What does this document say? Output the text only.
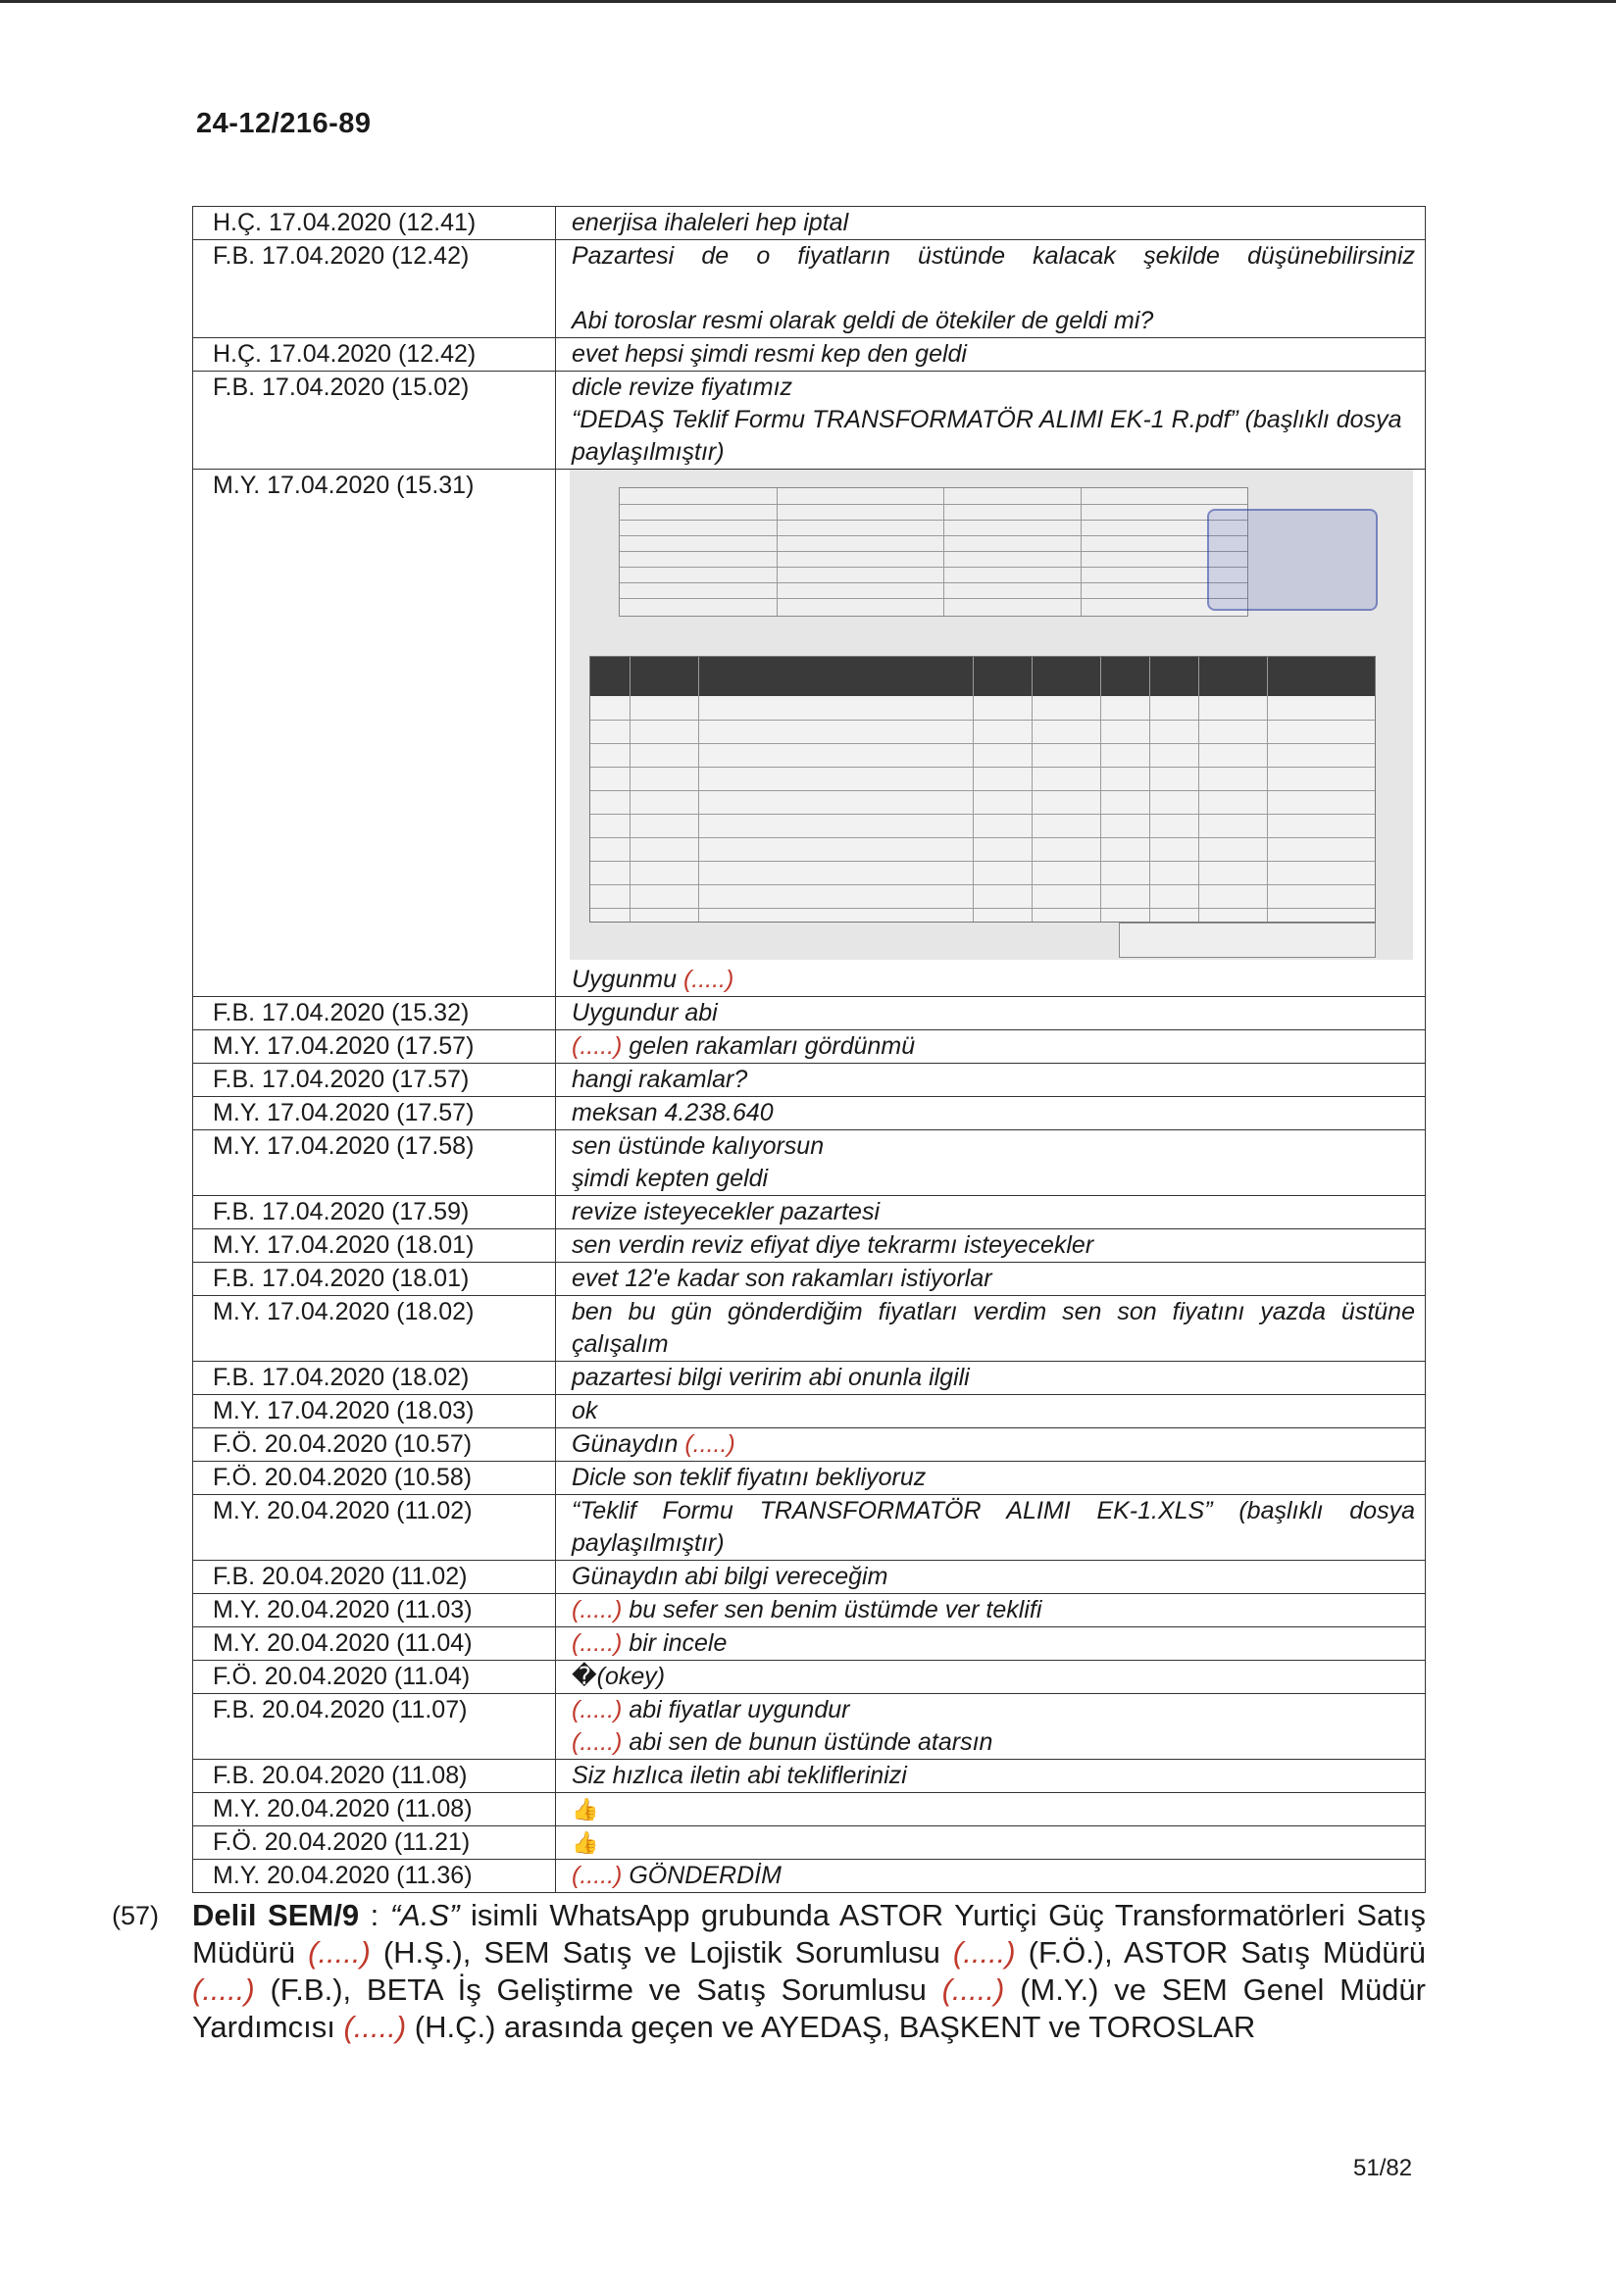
24-12/216-89
H.Ç. 17.04.2020 (12.41)	enerjisa ihaleleri hep iptal

F.B. 17.04.2020 (12.42)	Pazartesi de o fiyatların üstünde kalacak şekilde düşünebilirsiniz
Abi toroslar resmi olarak geldi de ötekiler de geldi mi?

H.Ç. 17.04.2020 (12.42)	evet hepsi şimdi resmi kep den geldi

F.B. 17.04.2020 (15.02)	dicle revize fiyatımız
“DEDAŞ Teklif Formu TRANSFORMATÖR ALIMI EK-1 R.pdf” (başlıklı dosya paylaşılmıştır)

M.Y. 17.04.2020 (15.31)	Uygunmu (.....)

F.B. 17.04.2020 (15.32)	Uygundur abi

M.Y. 17.04.2020 (17.57)	(.....) gelen rakamları gördünmü

F.B. 17.04.2020 (17.57)	hangi rakamlar?

M.Y. 17.04.2020 (17.57)	meksan 4.238.640

M.Y. 17.04.2020 (17.58)	sen üstünde kalıyorsun
şimdi kepten geldi

F.B. 17.04.2020 (17.59)	revize isteyecekler pazartesi

M.Y. 17.04.2020 (18.01)	sen verdin reviz efiyat diye tekrarmı isteyecekler

F.B. 17.04.2020 (18.01)	evet 12'e kadar son rakamları istiyorlar

M.Y. 17.04.2020 (18.02)	ben bu gün gönderdiğim fiyatları verdim sen son fiyatını yazda üstüne
çalışalım

F.B. 17.04.2020 (18.02)	pazartesi bilgi veririm abi onunla ilgili

M.Y. 17.04.2020 (18.03)	ok

F.Ö. 20.04.2020 (10.57)	Günaydın (.....)

F.Ö. 20.04.2020 (10.58)	Dicle son teklif fiyatını bekliyoruz

M.Y. 20.04.2020 (11.02)	“Teklif Formu TRANSFORMATÖR ALIMI EK-1.XLS” (başlıklı dosya
paylaşılmıştır)

F.B. 20.04.2020 (11.02)	Günaydın abi bilgi vereceğim

M.Y. 20.04.2020 (11.03)	(.....) bu sefer sen benim üstümde ver teklifi

M.Y. 20.04.2020 (11.04)	(.....) bir incele

F.Ö. 20.04.2020 (11.04)	�(okey)

F.B. 20.04.2020 (11.07)	(.....) abi fiyatlar uygundur
(.....) abi sen de bunun üstünde atarsın

F.B. 20.04.2020 (11.08)	Siz hızlıca iletin abi tekliflerinizi

M.Y. 20.04.2020 (11.08)	👍

F.Ö. 20.04.2020 (11.21)	👍

M.Y. 20.04.2020 (11.36)	(.....) GÖNDERDİM
(57) Delil SEM/9 : “A.S” isimli WhatsApp grubunda ASTOR Yurtiçi Güç Transformatörleri Satış Müdürü (.....) (H.Ş.), SEM Satış ve Lojistik Sorumlusu (.....) (F.Ö.), ASTOR Satış Müdürü (.....) (F.B.), BETA İş Geliştirme ve Satış Sorumlusu (.....) (M.Y.) ve SEM Genel Müdür Yardımcısı (.....) (H.Ç.) arasında geçen ve AYEDAŞ, BAŞKENT ve TOROSLAR
51/82
